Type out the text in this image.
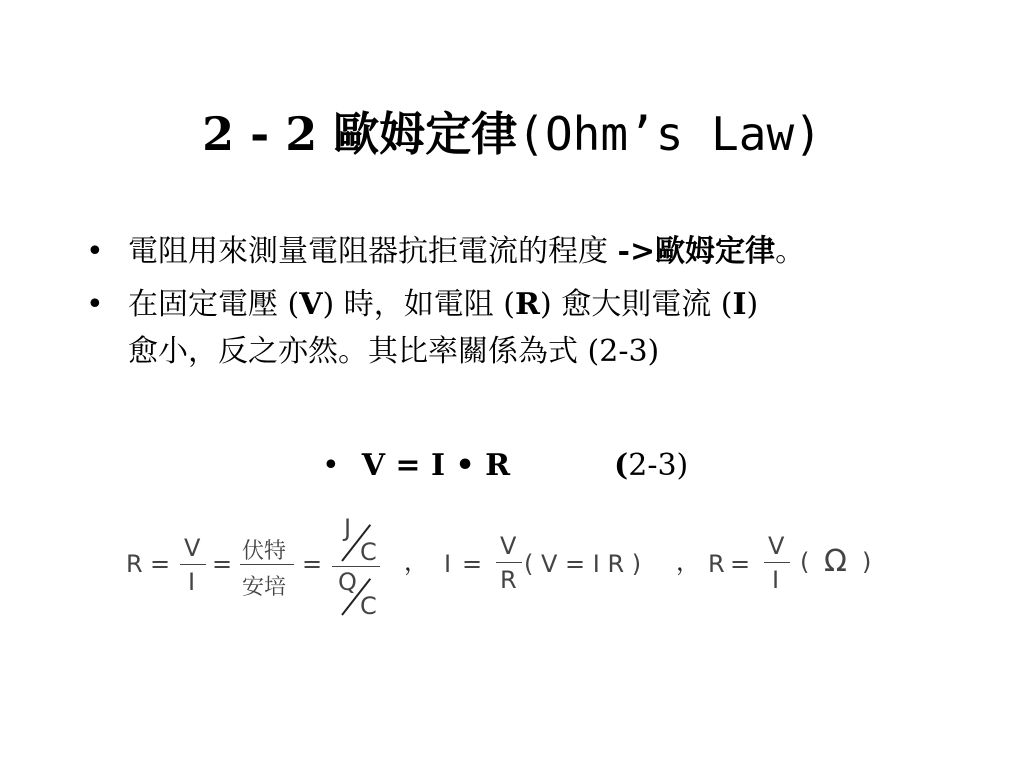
2 - 2 歐姆定律(Ohm’s Law)
• 電阻用來測量電阻器抗拒電流的程度 ->歐姆定律。
• 在固定電壓 (V) 時，如電阻 (R) 愈大則電流 (I)
愈小，反之亦然。其比率關係為式 (2-3)
• V = I • R	(2-3)
R =
V
I
= 伏特
安培
=
J
C
Q
C
， I =
V
R
( V = I R ) ， R =
V
I
( Ω )
